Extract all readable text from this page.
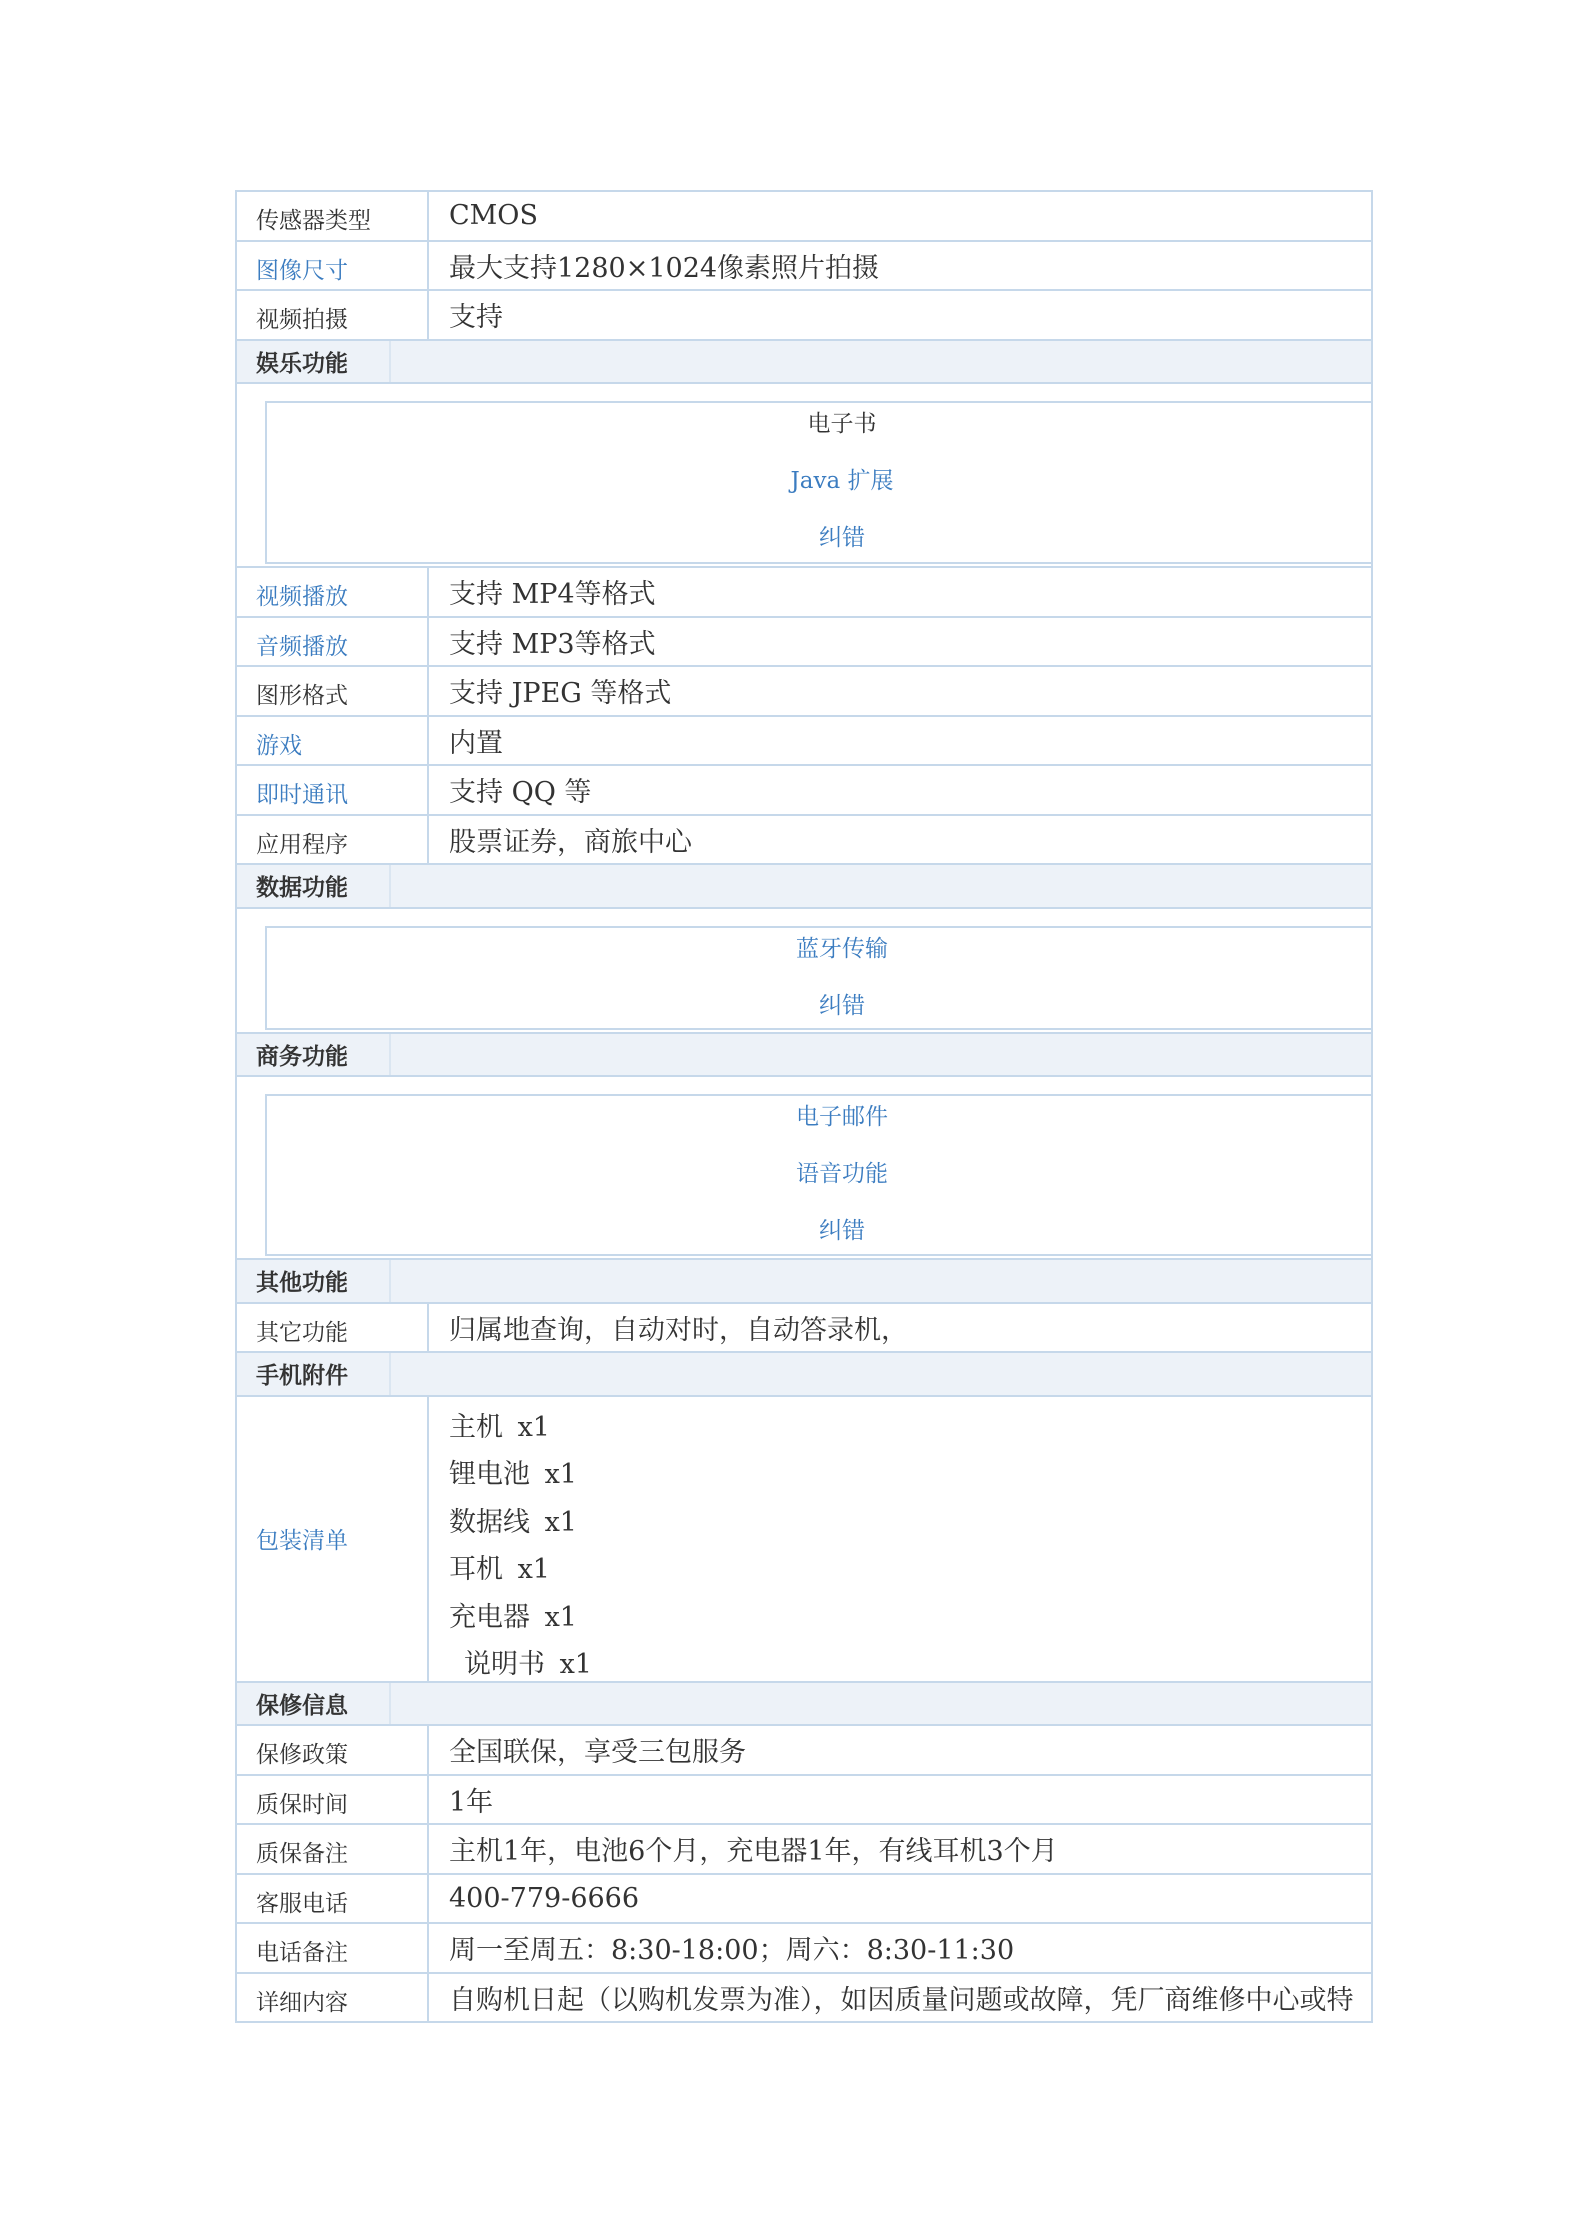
传感器类型	CMOS
图像尺寸	最大支持1280×1024像素照片拍摄
视频拍摄	支持
娱乐功能
电子书
Java 扩展
纠错
视频播放	支持 MP4等格式
音频播放	支持 MP3等格式
图形格式	支持 JPEG 等格式
游戏	内置
即时通讯	支持 QQ 等
应用程序	股票证券，商旅中心
数据功能
蓝牙传输
纠错
商务功能
电子邮件
语音功能
纠错
其他功能
其它功能	归属地查询，自动对时，自动答录机，
手机附件
包装清单
主机 x1
锂电池 x1
数据线 x1
耳机 x1
充电器 x1
说明书 x1
保修信息
保修政策	全国联保，享受三包服务
质保时间	1年
质保备注	主机1年，电池6个月，充电器1年，有线耳机3个月
客服电话	400-779-6666
电话备注	周一至周五：8:30-18:00；周六：8:30-11:30
详细内容	自购机日起（以购机发票为准），如因质量问题或故障，凭厂商维修中心或特
